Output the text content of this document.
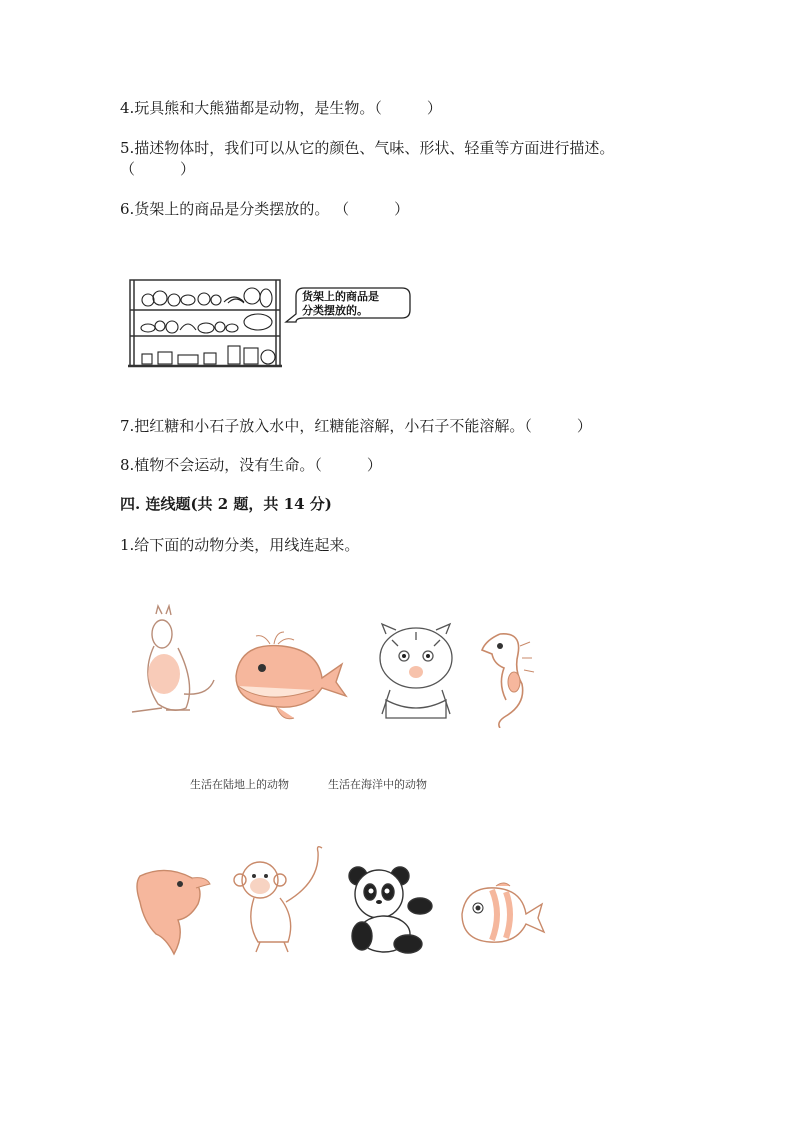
4.玩具熊和大熊猫都是动物，是生物。（　　　）
5.描述物体时，我们可以从它的颜色、气味、形状、轻重等方面进行描述。
（　　　）
6.货架上的商品是分类摆放的。 （　　　）
货架上的商品是
分类摆放的。
7.把红糖和小石子放入水中，红糖能溶解，小石子不能溶解。（　　　）
8.植物不会运动，没有生命。（　　　）
四. 连线题(共 2 题，共 14 分)
1.给下面的动物分类，用线连起来。
生活在陆地上的动物	生活在海洋中的动物
